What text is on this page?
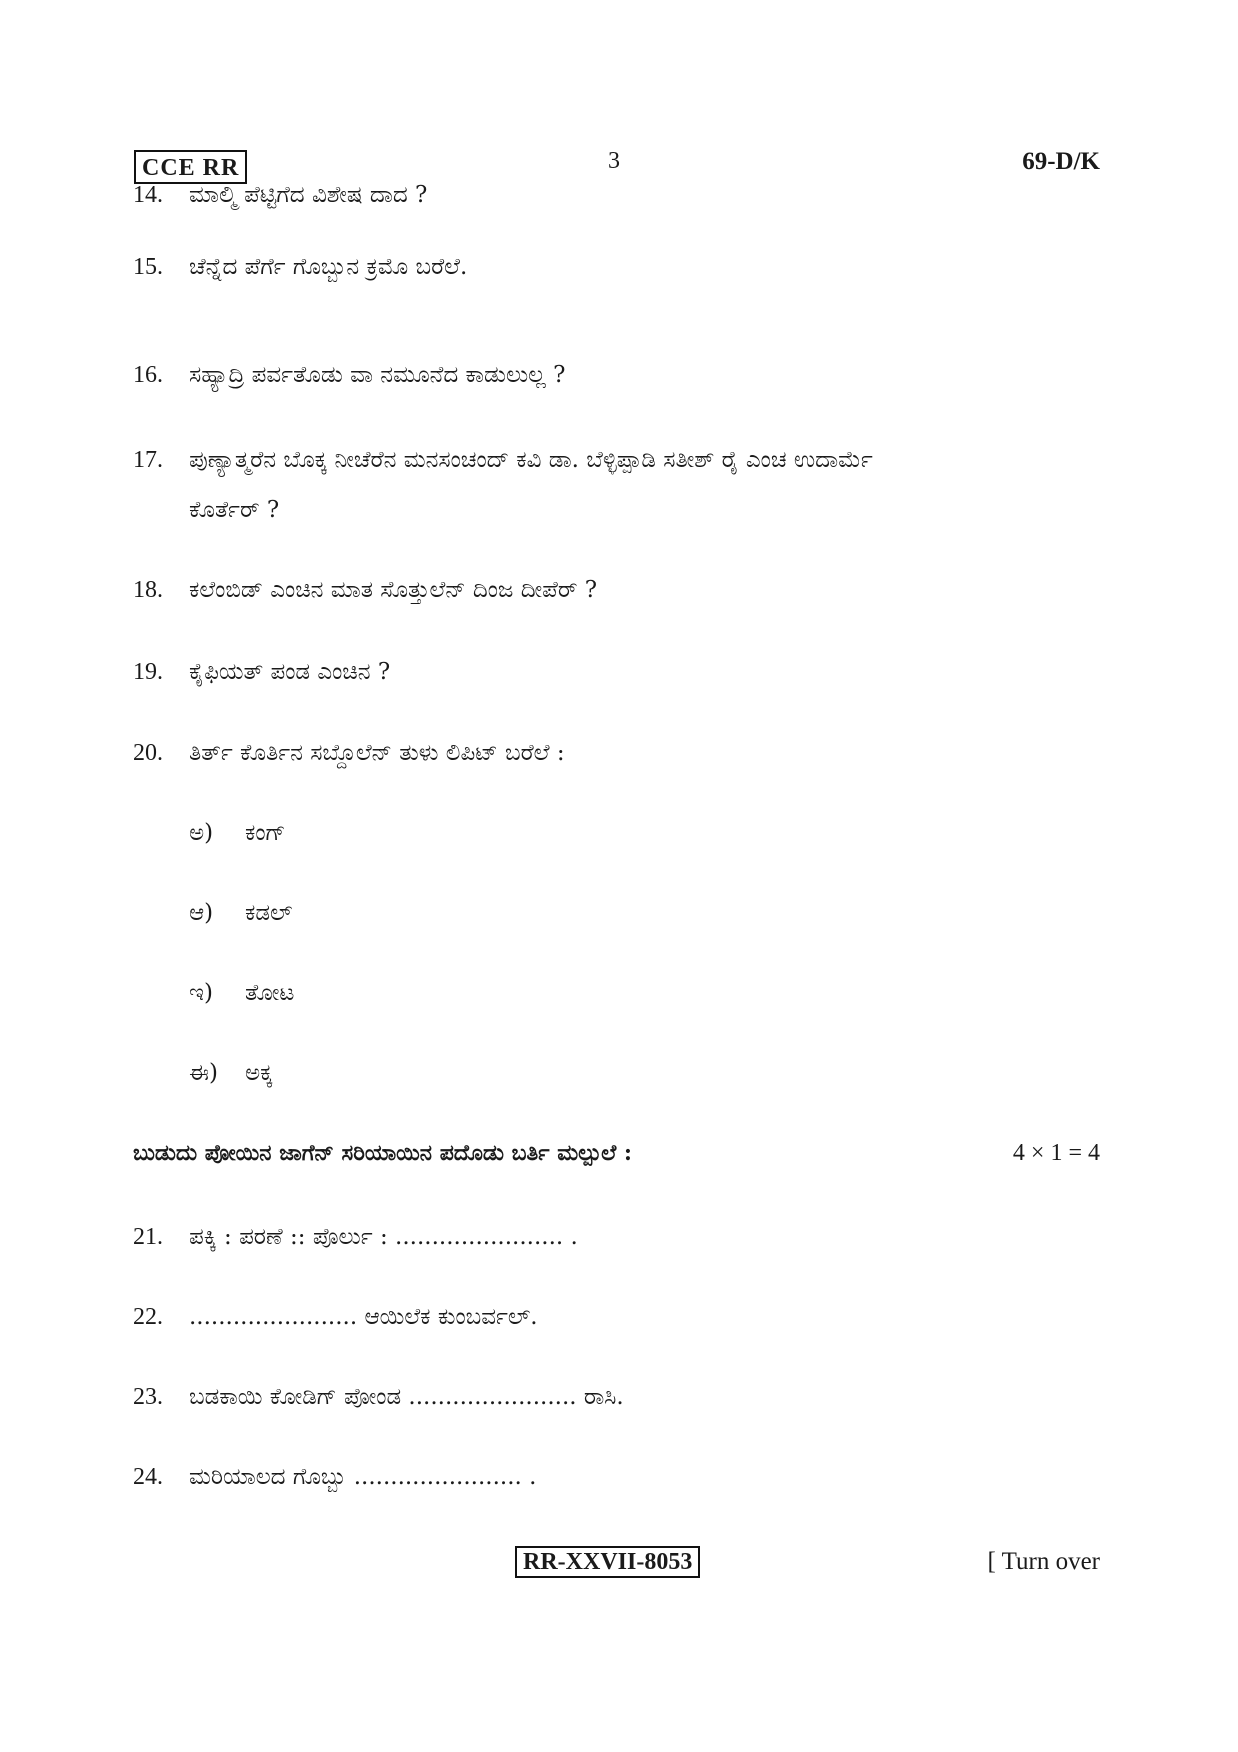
CCE RR	3	69-D/K
14. ಮಾಲ್ಮಿ ಪೆಟ್ಟಿಗೆದ ವಿಶೇಷ ದಾದ ?
15. ಚೆನ್ನೆದ ಪೆರ್ಗೆ ಗೊಬ್ಬುನ ಕ್ರಮೊ ಬರೆಲೆ.
16. ಸಹ್ಯಾದ್ರಿ ಪರ್ವತೊಡು ವಾ ನಮೂನೆದ ಕಾಡುಲುಲ್ಲ ?
17. ಪುಣ್ಯಾತ್ಮರೆನ ಬೊಕ್ಕ ನೀಚೆರೆನ ಮನಸಂಚಂದ್ ಕವಿ ಡಾ. ಬೆಳ್ಳಿಪ್ಪಾಡಿ ಸತೀಶ್ ರೈ ಎಂಚ ಉದಾರ್ಮೆ
ಕೊರ್ತೆರ್ ?
18. ಕಲೆಂಬಿಡ್ ಎಂಚಿನ ಮಾತ ಸೊತ್ತುಲೆನ್ ದಿಂಜ ದೀಪೆರ್ ?
19. ಕೈಫಿಯತ್ ಪಂಡ ಎಂಚಿನ ?
20. ತಿರ್ತ್ ಕೊರ್ತಿನ ಸಬ್ದೊಲೆನ್ ತುಳು ಲಿಪಿಟ್ ಬರೆಲೆ :
ಅ) ಕಂಗ್
ಆ) ಕಡಲ್
ಇ) ತೋಟ
ಈ) ಅಕ್ಕ
ಬುಡುದು ಪೋಯಿನ ಜಾಗೆನ್ ಸರಿಯಾಯಿನ ಪದೊಡು ಬರ್ತಿ ಮಲ್ಪುಲೆ :	4 × 1 = 4
21. ಪಕ್ಕಿ : ಪರಣೆ :: ಪೊರ್ಲು : ....................... .
22. ....................... ಆಯಿಲೆಕ ಕುಂಬರ್ವಲ್.
23. ಬಡಕಾಯಿ ಕೋಡಿಗ್ ಪೋಂಡ ....................... ರಾಸಿ.
24. ಮರಿಯಾಲದ ಗೊಬ್ಬು ....................... .
RR-XXVII-8053	[ Turn over
